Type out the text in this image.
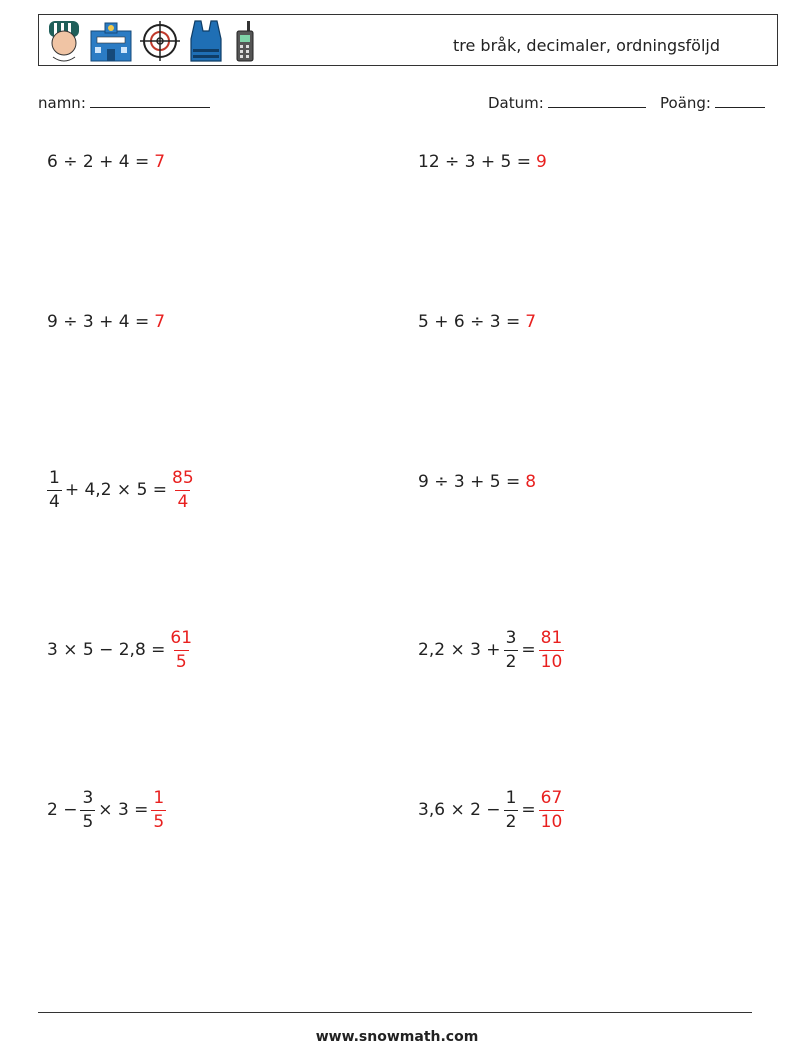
tre bråk, decimaler, ordningsföljd
namn:	Datum:	Poäng:
6 ÷ 2 + 4 = 7	12 ÷ 3 + 5 = 9
9 ÷ 3 + 4 = 7	5 + 6 ÷ 3 = 7
$\frac{1}{4} + 4,2 \times 5 = \frac{85}{4}$	9 ÷ 3 + 5 = 8
$3 \times 5 - 2,8 = \frac{61}{5}$	$2,2 \times 3 + \frac{3}{2} = \frac{81}{10}$
$2 - \frac{3}{5} \times 3 = \frac{1}{5}$	$3,6 \times 2 - \frac{1}{2} = \frac{67}{10}$
www.snowmath.com
